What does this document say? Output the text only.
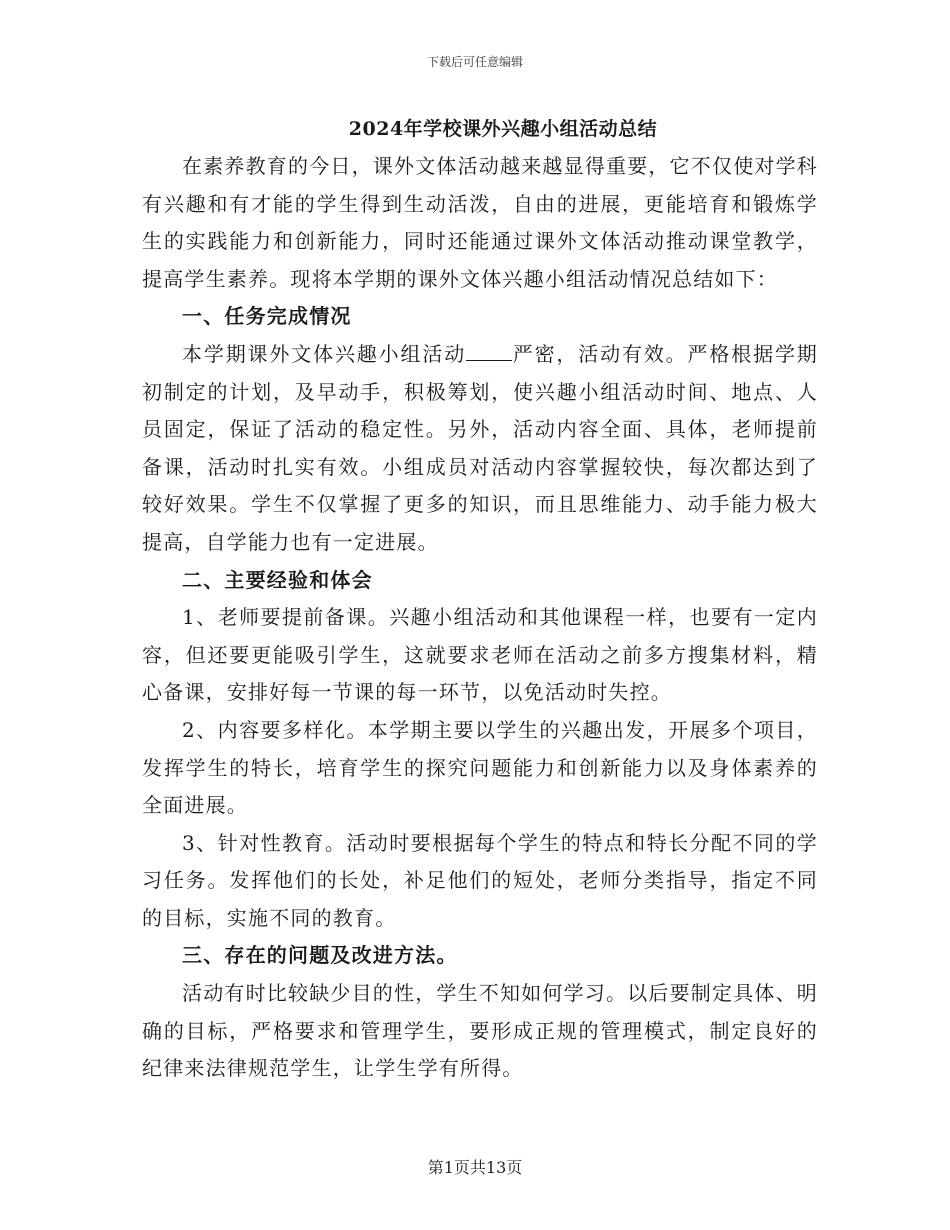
下载后可任意编辑
2024年学校课外兴趣小组活动总结

在素养教育的今日，课外文体活动越来越显得重要，它不仅使对学科有兴趣和有才能的学生得到生动活泼，自由的进展，更能培育和锻炼学生的实践能力和创新能力，同时还能通过课外文体活动推动课堂教学，提高学生素养。现将本学期的课外文体兴趣小组活动情况总结如下：

一、任务完成情况

本学期课外文体兴趣小组活动 严密，活动有效。严格根据学期初制定的计划，及早动手，积极筹划，使兴趣小组活动时间、地点、人员固定，保证了活动的稳定性。另外，活动内容全面、具体，老师提前备课，活动时扎实有效。小组成员对活动内容掌握较快，每次都达到了较好效果。学生不仅掌握了更多的知识，而且思维能力、动手能力极大提高，自学能力也有一定进展。

二、主要经验和体会

1、老师要提前备课。兴趣小组活动和其他课程一样，也要有一定内容，但还要更能吸引学生，这就要求老师在活动之前多方搜集材料，精心备课，安排好每一节课的每一环节，以免活动时失控。

2、内容要多样化。本学期主要以学生的兴趣出发，开展多个项目，发挥学生的特长，培育学生的探究问题能力和创新能力以及身体素养的全面进展。

3、针对性教育。活动时要根据每个学生的特点和特长分配不同的学习任务。发挥他们的长处，补足他们的短处，老师分类指导，指定不同的目标，实施不同的教育。

三、存在的问题及改进方法。

活动有时比较缺少目的性，学生不知如何学习。以后要制定具体、明确的目标，严格要求和管理学生，要形成正规的管理模式，制定良好的纪律来法律规范学生，让学生学有所得。

第1页共13页
